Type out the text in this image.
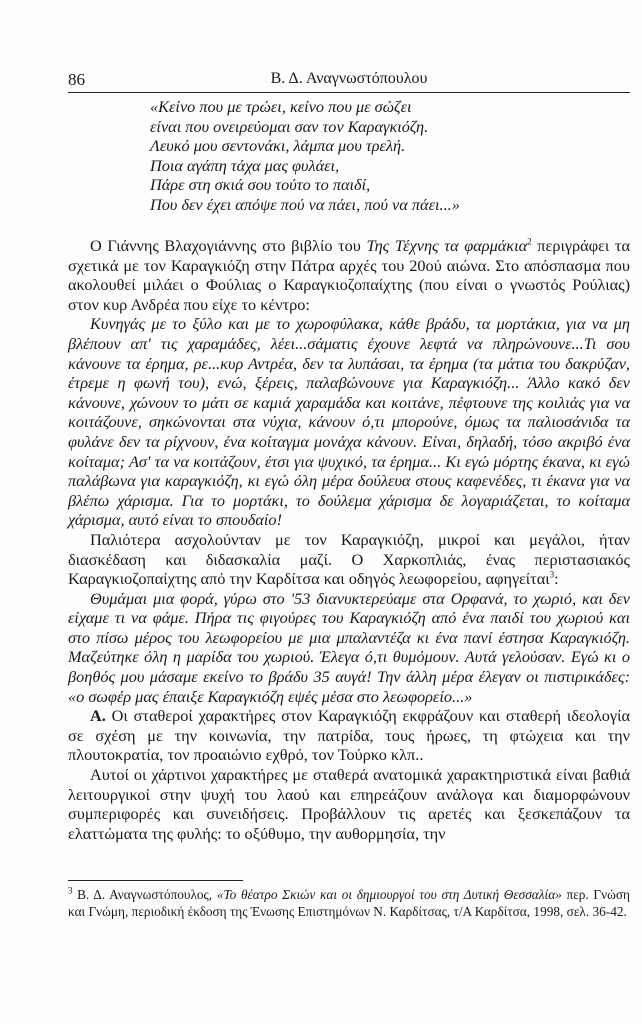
86	Β. Δ. Αναγνωστόπουλου
«Κείνο που με τρώει, κείνο που με σώζει
είναι που ονειρεύομαι σαν τον Καραγκιόζη.
Λευκό μου σεντονάκι, λάμπα μου τρελή.
Ποια αγάπη τάχα μας φυλάει,
Πάρε στη σκιά σου τούτο το παιδί,
Που δεν έχει απόψε πού να πάει, πού να πάει...»

Ο Γιάννης Βλαχογιάννης στο βιβλίο του Της Τέχνης τα φαρμάκια$^2$ περιγράφει τα σχετικά με τον Καραγκιόζη στην Πάτρα αρχές του 20ού αιώνα. Στο απόσπασμα που ακολουθεί μιλάει ο Φούλιας ο Καραγκιοζοπαίχτης (που είναι ο γνωστός Ρούλιας) στον κυρ Ανδρέα που είχε το κέντρο:

Κυνηγάς με το ξύλο και με το χωροφύλακα, κάθε βράδυ, τα μορτάκια, για να μη βλέπουν απ' τις χαραμάδες, λέει...σάματις έχουνε λεφτά να πληρώνουνε...Τι σου κάνουνε τα έρημα, ρε...κυρ Αντρέα, δεν τα λυπάσαι, τα έρημα (τα μάτια του δακρύζαν, έτρεμε η φωνή του), ενώ, ξέρεις, παλαβώνουνε για Καραγκιόζη... Άλλο κακό δεν κάνουνε, χώνουν το μάτι σε καμιά χαραμάδα και κοιτάνε, πέφτουνε της κοιλιάς για να κοιτάζουνε, σηκώνονται στα νύχια, κάνουν ό,τι μπορούνε, όμως τα παλιοσάνιδα τα φυλάνε δεν τα ρίχνουν, ένα κοίταγμα μονάχα κάνουν. Είναι, δηλαδή, τόσο ακριβό ένα κοίταμα; Ασ' τα να κοιτάζουν, έτσι για ψυχικό, τα έρημα... Κι εγώ μόρτης έκανα, κι εγώ παλάβωνα για καραγκιόζη, κι εγώ όλη μέρα δούλευα στους καφενέδες, τι έκανα για να βλέπω χάρισμα. Για το μορτάκι, το δούλεμα χάρισμα δε λογαριάζεται, το κοίταμα χάρισμα, αυτό είναι το σπουδαίο!

Παλιότερα ασχολούνταν με τον Καραγκιόζη, μικροί και μεγάλοι, ήταν διασκέδαση και διδασκαλία μαζί. Ο Χαρκοπλιάς, ένας περιστασιακός Καραγκιοζοπαίχτης από την Καρδίτσα και οδηγός λεωφορείου, αφηγείται$^3$:

Θυμάμαι μια φορά, γύρω στο '53 διανυκτερεύαμε στα Ορφανά, το χωριό, και δεν είχαμε τι να φάμε. Πήρα τις φιγούρες του Καραγκιόζη από ένα παιδί του χωριού και στο πίσω μέρος του λεωφορείου με μια μπαλαντέζα κι ένα πανί έστησα Καραγκιόζη. Μαζεύτηκε όλη η μαρίδα του χωριού. Έλεγα ό,τι θυμόμουν. Αυτά γελούσαν. Εγώ κι ο βοηθός μου μάσαμε εκείνο το βράδυ 35 αυγά! Την άλλη μέρα έλεγαν οι πιστιρικάδες: «ο σωφέρ μας έπαιξε Καραγκιόζη εψές μέσα στο λεωφορείο...»

Α. Οι σταθεροί χαρακτήρες στον Καραγκιόζη εκφράζουν και σταθερή ιδεολογία σε σχέση με την κοινωνία, την πατρίδα, τους ήρωες, τη φτώχεια και την πλουτοκρατία, τον προαιώνιο εχθρό, τον Τούρκο κλπ..

Αυτοί οι χάρτινοι χαρακτήρες με σταθερά ανατομικά χαρακτηριστικά είναι βαθιά λειτουργικοί στην ψυχή του λαού και επηρεάζουν ανάλογα και διαμορφώνουν συμπεριφορές και συνειδήσεις. Προβάλλουν τις αρετές και ξεσκεπάζουν τα ελαττώματα της φυλής: το οξύθυμο, την αυθορμησία, την

$^3$ Β. Δ. Αναγνωστόπουλος, «Το θέατρο Σκιών και οι δημιουργοί του στη Δυτική Θεσσαλία» περ. Γνώση και Γνώμη, περιοδική έκδοση της Ένωσης Επιστημόνων Ν. Καρδίτσας, τ/Α Καρδίτσα, 1998, σελ. 36-42.
